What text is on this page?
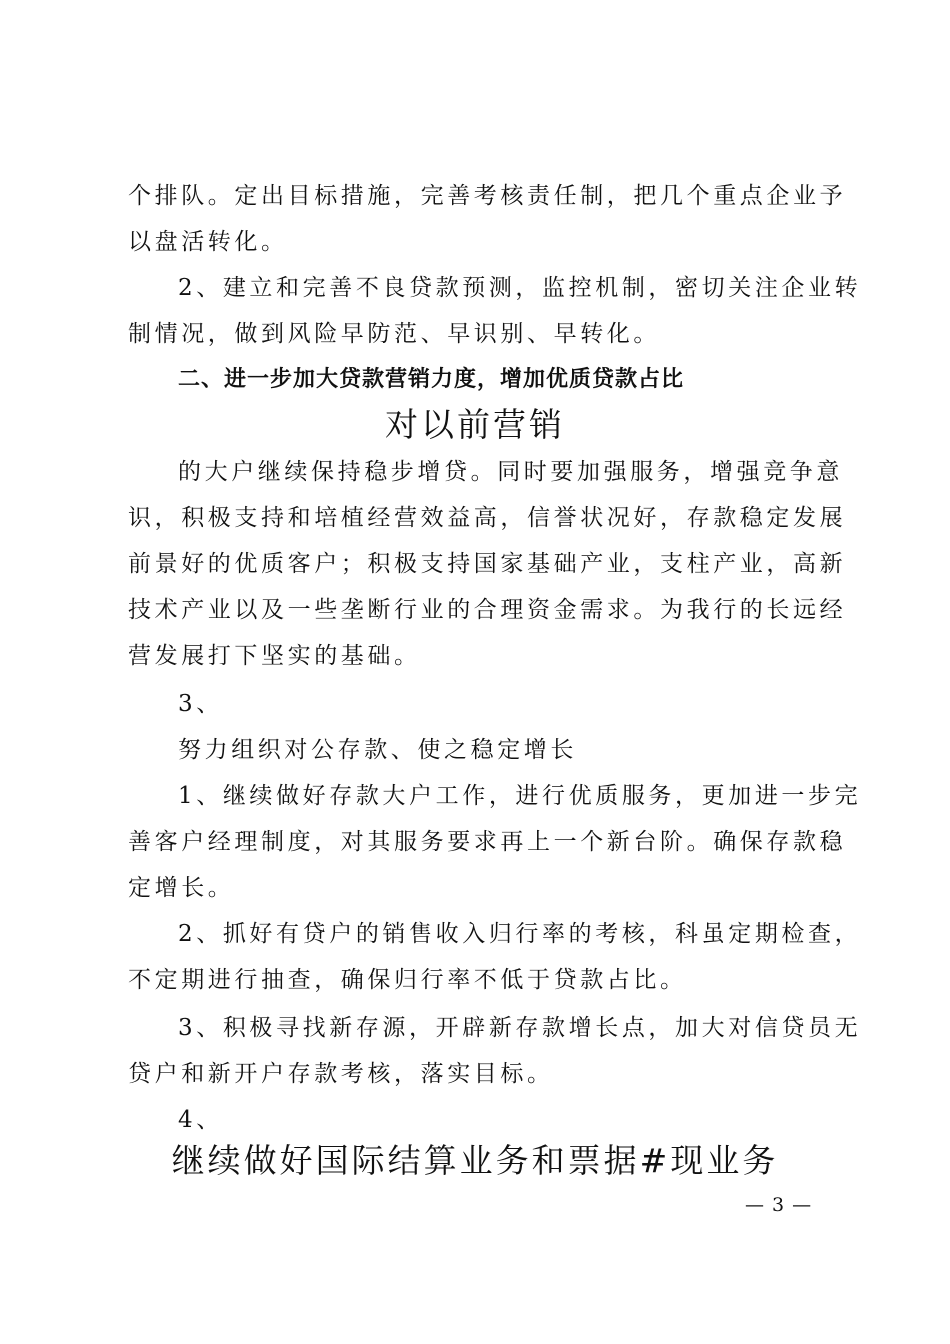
个排队。定出目标措施，完善考核责任制，把几个重点企业予
以盘活转化。
2、建立和完善不良贷款预测，监控机制，密切关注企业转
制情况，做到风险早防范、早识别、早转化。
二、进一步加大贷款营销力度，增加优质贷款占比
对以前营销
的大户继续保持稳步增贷。同时要加强服务，增强竞争意
识，积极支持和培植经营效益高，信誉状况好，存款稳定发展
前景好的优质客户；积极支持国家基础产业，支柱产业，高新
技术产业以及一些垄断行业的合理资金需求。为我行的长远经
营发展打下坚实的基础。
3、
努力组织对公存款、使之稳定增长
1、继续做好存款大户工作，进行优质服务，更加进一步完
善客户经理制度，对其服务要求再上一个新台阶。确保存款稳
定增长。
2、抓好有贷户的销售收入归行率的考核，科虽定期检查，
不定期进行抽查，确保归行率不低于贷款占比。
3、积极寻找新存源，开辟新存款增长点，加大对信贷员无
贷户和新开户存款考核，落实目标。
4、
继续做好国际结算业务和票据#现业务
— 3 —
